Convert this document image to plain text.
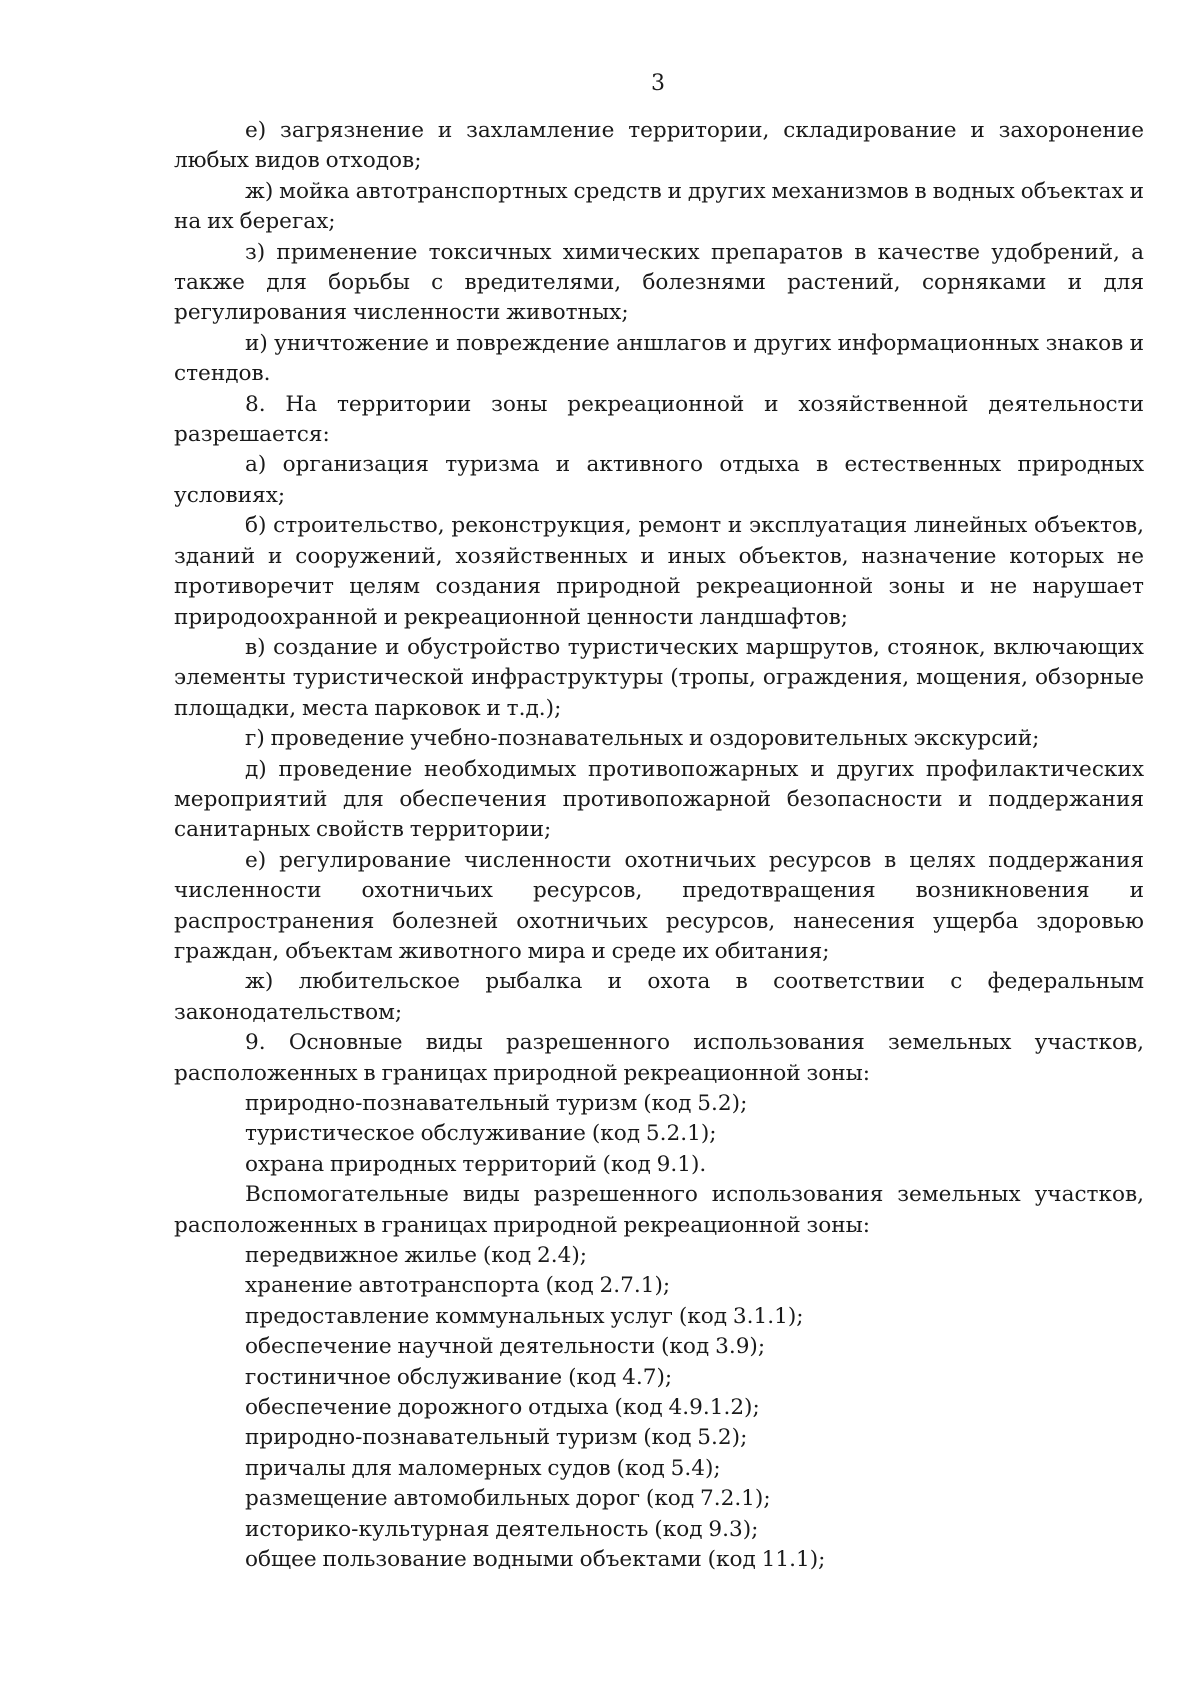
3

е) загрязнение и захламление территории, складирование и захоронение любых видов отходов;

ж) мойка автотранспортных средств и других механизмов в водных объектах и на их берегах;

з) применение токсичных химических препаратов в качестве удобрений, а также для борьбы с вредителями, болезнями растений, сорняками и для регулирования численности животных;

и) уничтожение и повреждение аншлагов и других информационных знаков и стендов.

8. На территории зоны рекреационной и хозяйственной деятельности разрешается:

а) организация туризма и активного отдыха в естественных природных условиях;

б) строительство, реконструкция, ремонт и эксплуатация линейных объектов, зданий и сооружений, хозяйственных и иных объектов, назначение которых не противоречит целям создания природной рекреационной зоны и не нарушает природоохранной и рекреационной ценности ландшафтов;

в) создание и обустройство туристических маршрутов, стоянок, включающих элементы туристической инфраструктуры (тропы, ограждения, мощения, обзорные площадки, места парковок и т.д.);

г) проведение учебно-познавательных и оздоровительных экскурсий;

д) проведение необходимых противопожарных и других профилактических мероприятий для обеспечения противопожарной безопасности и поддержания санитарных свойств территории;

е) регулирование численности охотничьих ресурсов в целях поддержания численности охотничьих ресурсов, предотвращения возникновения и распространения болезней охотничьих ресурсов, нанесения ущерба здоровью граждан, объектам животного мира и среде их обитания;

ж) любительское рыбалка и охота в соответствии с федеральным законодательством;

9. Основные виды разрешенного использования земельных участков, расположенных в границах природной рекреационной зоны:

природно-познавательный туризм (код 5.2);

туристическое обслуживание (код 5.2.1);

охрана природных территорий (код 9.1).

Вспомогательные виды разрешенного использования земельных участков, расположенных в границах природной рекреационной зоны:

передвижное жилье (код 2.4);

хранение автотранспорта (код 2.7.1);

предоставление коммунальных услуг (код 3.1.1);

обеспечение научной деятельности (код 3.9);

гостиничное обслуживание (код 4.7);

обеспечение дорожного отдыха (код 4.9.1.2);

природно-познавательный туризм (код 5.2);

причалы для маломерных судов (код 5.4);

размещение автомобильных дорог (код 7.2.1);

историко-культурная деятельность (код 9.3);

общее пользование водными объектами (код 11.1);
